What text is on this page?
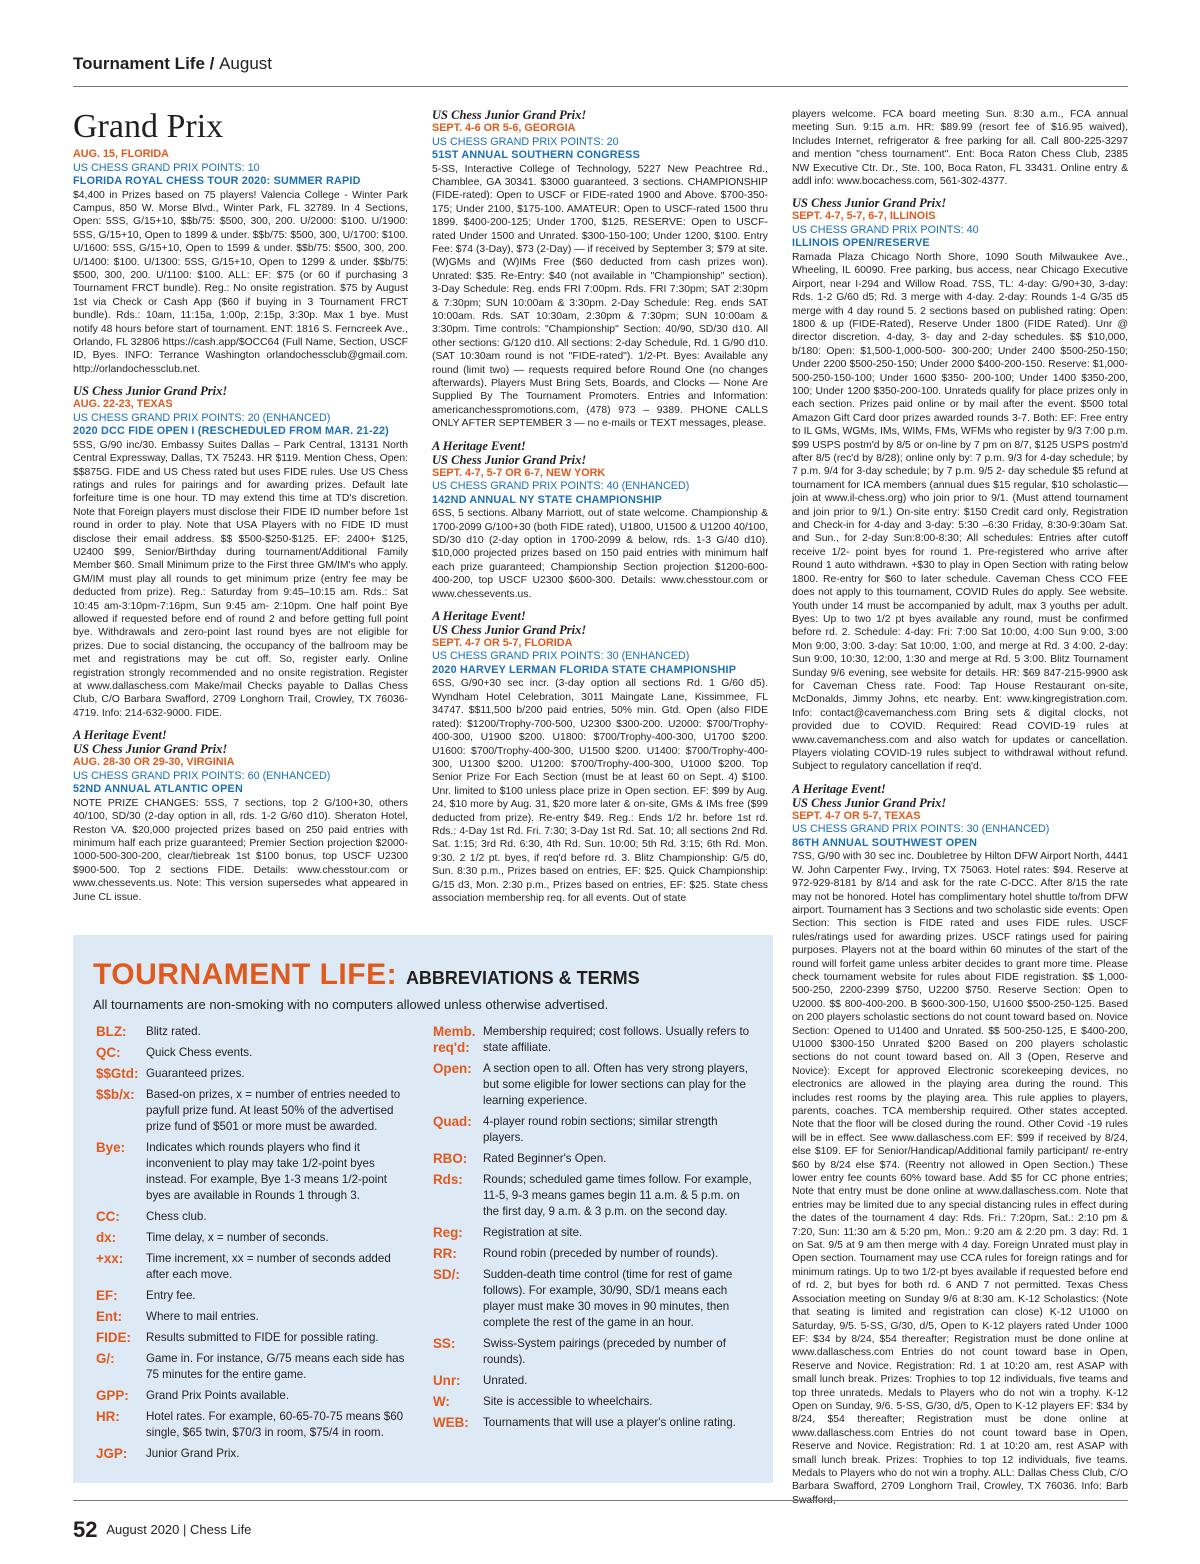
Tournament Life / August
Grand Prix
AUG. 15, FLORIDA
US CHESS GRAND PRIX POINTS: 10
FLORIDA ROYAL CHESS TOUR 2020: SUMMER RAPID
$4,400 in Prizes based on 75 players! Valencia College - Winter Park Campus, 850 W. Morse Blvd., Winter Park, FL 32789. In 4 Sections, Open: 5SS, G/15+10, $$b/75: $500, 300, 200. U/2000: $100. U/1900: 5SS, G/15+10, Open to 1899 & under. $$b/75: $500, 300, U/1700: $100. U/1600: 5SS, G/15+10, Open to 1599 & under. $$b/75: $500, 300, 200. U/1400: $100. U/1300: 5SS, G/15+10, Open to 1299 & under. $$b/75: $500, 300, 200. U/1100: $100. ALL: EF: $75 (or 60 if purchasing 3 Tournament FRCT bundle). Reg.: No onsite registration. $75 by August 1st via Check or Cash App ($60 if buying in 3 Tournament FRCT bundle). Rds.: 10am, 11:15a, 1:00p, 2:15p, 3:30p. Max 1 bye. Must notify 48 hours before start of tournament. ENT: 1816 S. Ferncreek Ave., Orlando, FL 32806 https://cash.app/$OCC64 (Full Name, Section, USCF ID, Byes. INFO: Terrance Washington orlandochessclub@gmail.com. http://orlandochessclub.net.
US Chess Junior Grand Prix!
AUG. 22-23, TEXAS
US CHESS GRAND PRIX POINTS: 20 (ENHANCED)
2020 DCC FIDE OPEN I (RESCHEDULED FROM MAR. 21-22)
5SS, G/90 inc/30. Embassy Suites Dallas – Park Central, 13131 North Central Expressway, Dallas, TX 75243. HR $119. Mention Chess, Open: $$875G. FIDE and US Chess rated but uses FIDE rules. Use US Chess ratings and rules for pairings and for awarding prizes. Default late forfeiture time is one hour. TD may extend this time at TD's discretion. Note that Foreign players must disclose their FIDE ID number before 1st round in order to play. Note that USA Players with no FIDE ID must disclose their email address. $$ $500-$250-$125. EF: 2400+ $125, U2400 $99, Senior/Birthday during tournament/Additional Family Member $60. Small Minimum prize to the First three GM/IM's who apply. GM/IM must play all rounds to get minimum prize (entry fee may be deducted from prize). Reg.: Saturday from 9:45–10:15 am. Rds.: Sat 10:45 am-3:10pm-7:16pm, Sun 9:45 am- 2:10pm. One half point Bye allowed if requested before end of round 2 and before getting full point bye. Withdrawals and zero-point last round byes are not eligible for prizes. Due to social distancing, the occupancy of the ballroom may be met and registrations may be cut off. So, register early. Online registration strongly recommended and no onsite registration. Register at www.dallaschess.com Make/mail Checks payable to Dallas Chess Club, C/O Barbara Swafford, 2709 Longhorn Trail, Crowley, TX 76036-4719. Info: 214-632-9000. FIDE.
A Heritage Event!
US Chess Junior Grand Prix!
AUG. 28-30 OR 29-30, VIRGINIA
US CHESS GRAND PRIX POINTS: 60 (ENHANCED)
52ND ANNUAL ATLANTIC OPEN
NOTE PRIZE CHANGES: 5SS, 7 sections, top 2 G/100+30, others 40/100, SD/30 (2-day option in all, rds. 1-2 G/60 d10). Sheraton Hotel, Reston VA. $20,000 projected prizes based on 250 paid entries with minimum half each prize guaranteed; Premier Section projection $2000-1000-500-300-200, clear/tiebreak 1st $100 bonus, top USCF U2300 $900-500. Top 2 sections FIDE. Details: www.chesstour.com or www.chessevents.us. Note: This version supersedes what appeared in June CL issue.
US Chess Junior Grand Prix!
SEPT. 4-6 OR 5-6, GEORGIA
US CHESS GRAND PRIX POINTS: 20
51ST ANNUAL SOUTHERN CONGRESS
5-SS, Interactive College of Technology, 5227 New Peachtree Rd., Chamblee, GA 30341. $3000 guaranteed. 3 sections. CHAMPIONSHIP (FIDE-rated): Open to USCF or FIDE-rated 1900 and Above. $700-350-175; Under 2100, $175-100. AMATEUR: Open to USCF-rated 1500 thru 1899. $400-200-125; Under 1700, $125. RESERVE: Open to USCF-rated Under 1500 and Unrated. $300-150-100; Under 1200, $100. Entry Fee: $74 (3-Day), $73 (2-Day) — if received by September 3; $79 at site. (W)GMs and (W)IMs Free ($60 deducted from cash prizes won). Unrated: $35. Re-Entry: $40 (not available in "Championship" section). 3-Day Schedule: Reg. ends FRI 7:00pm. Rds. FRI 7:30pm; SAT 2:30pm & 7:30pm; SUN 10:00am & 3:30pm. 2-Day Schedule: Reg. ends SAT 10:00am. Rds. SAT 10:30am, 2:30pm & 7:30pm; SUN 10:00am & 3:30pm. Time controls: "Championship" Section: 40/90, SD/30 d10. All other sections: G/120 d10. All sections: 2-day Schedule, Rd. 1 G/90 d10. (SAT 10:30am round is not "FIDE-rated"). 1/2-Pt. Byes: Available any round (limit two) — requests required before Round One (no changes afterwards). Players Must Bring Sets, Boards, and Clocks — None Are Supplied By The Tournament Promoters. Entries and Information: americanchesspromotions.com, (478) 973 – 9389. PHONE CALLS ONLY AFTER SEPTEMBER 3 — no e-mails or TEXT messages, please.
A Heritage Event!
US Chess Junior Grand Prix!
SEPT. 4-7, 5-7 OR 6-7, NEW YORK
US CHESS GRAND PRIX POINTS: 40 (ENHANCED)
142ND ANNUAL NY STATE CHAMPIONSHIP
6SS, 5 sections. Albany Marriott, out of state welcome. Championship & 1700-2099 G/100+30 (both FIDE rated), U1800, U1500 & U1200 40/100, SD/30 d10 (2-day option in 1700-2099 & below, rds. 1-3 G/40 d10). $10,000 projected prizes based on 150 paid entries with minimum half each prize guaranteed; Championship Section projection $1200-600-400-200, top USCF U2300 $600-300. Details: www.chesstour.com or www.chessevents.us.
A Heritage Event!
US Chess Junior Grand Prix!
SEPT. 4-7 OR 5-7, FLORIDA
US CHESS GRAND PRIX POINTS: 30 (ENHANCED)
2020 HARVEY LERMAN FLORIDA STATE CHAMPIONSHIP
6SS, G/90+30 sec incr. (3-day option all sections Rd. 1 G/60 d5). Wyndham Hotel Celebration, 3011 Maingate Lane, Kissimmee, FL 34747. $$11,500 b/200 paid entries, 50% min. Gtd. Open (also FIDE rated): $1200/Trophy-700-500, U2300 $300-200. U2000: $700/Trophy-400-300, U1900 $200. U1800: $700/Trophy-400-300, U1700 $200. U1600: $700/Trophy-400-300, U1500 $200. U1400: $700/Trophy-400-300, U1300 $200. U1200: $700/Trophy-400-300, U1000 $200. Top Senior Prize For Each Section (must be at least 60 on Sept. 4) $100. Unr. limited to $100 unless place prize in Open section. EF: $99 by Aug. 24, $10 more by Aug. 31, $20 more later & on-site, GMs & IMs free ($99 deducted from prize). Re-entry $49. Reg.: Ends 1/2 hr. before 1st rd. Rds.: 4-Day 1st Rd. Fri. 7:30; 3-Day 1st Rd. Sat. 10; all sections 2nd Rd. Sat. 1:15; 3rd Rd. 6:30, 4th Rd. Sun. 10:00; 5th Rd. 3:15; 6th Rd. Mon. 9:30. 2 1/2 pt. byes, if req'd before rd. 3. Blitz Championship: G/5 d0, Sun. 8:30 p.m., Prizes based on entries, EF: $25. Quick Championship: G/15 d3, Mon. 2:30 p.m., Prizes based on entries, EF: $25. State chess association membership req. for all events. Out of state
players welcome. FCA board meeting Sun. 8:30 a.m., FCA annual meeting Sun. 9:15 a.m. HR: $89.99 (resort fee of $16.95 waived), Includes Internet, refrigerator & free parking for all. Call 800-225-3297 and mention "chess tournament". Ent: Boca Raton Chess Club, 2385 NW Executive Ctr. Dr., Ste. 100, Boca Raton, FL 33431. Online entry & addl info: www.bocachess.com, 561-302-4377.
US Chess Junior Grand Prix!
SEPT. 4-7, 5-7, 6-7, ILLINOIS
US CHESS GRAND PRIX POINTS: 40
ILLINOIS OPEN/RESERVE
Ramada Plaza Chicago North Shore, 1090 South Milwaukee Ave., Wheeling, IL 60090. Free parking, bus access, near Chicago Executive Airport, near I-294 and Willow Road. 7SS, TL: 4-day: G/90+30, 3-day: Rds. 1-2 G/60 d5; Rd. 3 merge with 4-day. 2-day: Rounds 1-4 G/35 d5 merge with 4 day round 5. 2 sections based on published rating: Open: 1800 & up (FIDE-Rated), Reserve Under 1800 (FIDE Rated). Unr @ director discretion. 4-day, 3- day and 2-day schedules. $$ $10,000, b/180: Open: $1,500-1,000-500- 300-200; Under 2400 $500-250-150; Under 2200 $500-250-150; Under 2000 $400-200-150. Reserve: $1,000-500-250-150-100; Under 1600 $350- 200-100; Under 1400 $350-200, 100; Under 1200 $350-200-100. Unrateds qualify for place prizes only in each section. Prizes paid online or by mail after the event. $500 total Amazon Gift Card door prizes awarded rounds 3-7. Both: EF: Free entry to IL GMs, WGMs, IMs, WIMs, FMs, WFMs who register by 9/3 7:00 p.m. $99 USPS postm'd by 8/5 or on-line by 7 pm on 8/7, $125 USPS postm'd after 8/5 (rec'd by 8/28); online only by: 7 p.m. 9/3 for 4-day schedule; by 7 p.m. 9/4 for 3-day schedule; by 7 p.m. 9/5 2- day schedule $5 refund at tournament for ICA members (annual dues $15 regular, $10 scholastic—join at www.il-chess.org) who join prior to 9/1. (Must attend tournament and join prior to 9/1.) On-site entry: $150 Credit card only, Registration and Check-in for 4-day and 3-day: 5:30 –6:30 Friday, 8:30-9:30am Sat. and Sun., for 2-day Sun:8:00-8:30; All schedules: Entries after cutoff receive 1/2- point byes for round 1. Pre-registered who arrive after Round 1 auto withdrawn. +$30 to play in Open Section with rating below 1800. Re-entry for $60 to later schedule. Caveman Chess CCO FEE does not apply to this tournament, COVID Rules do apply. See website. Youth under 14 must be accompanied by adult, max 3 youths per adult. Byes: Up to two 1/2 pt byes available any round, must be confirmed before rd. 2. Schedule: 4-day: Fri: 7:00 Sat 10:00, 4:00 Sun 9:00, 3:00 Mon 9:00, 3:00. 3-day: Sat 10:00, 1:00, and merge at Rd. 3 4:00. 2-day: Sun 9:00, 10:30, 12:00, 1:30 and merge at Rd. 5 3:00. Blitz Tournament Sunday 9/6 evening, see website for details. HR: $69 847-215-9900 ask for Caveman Chess rate. Food: Tap House Restaurant on-site, McDonalds, Jimmy Johns, etc nearby. Ent: www.kingregistration.com. Info: contact@cavemanchess.com Bring sets & digital clocks, not provided due to COVID. Required: Read COVID-19 rules at www.cavemanchess.com and also watch for updates or cancellation. Players violating COVID-19 rules subject to withdrawal without refund. Subject to regulatory cancellation if req'd.
A Heritage Event!
US Chess Junior Grand Prix!
SEPT. 4-7 OR 5-7, TEXAS
US CHESS GRAND PRIX POINTS: 30 (ENHANCED)
86TH ANNUAL SOUTHWEST OPEN
7SS, G/90 with 30 sec inc. Doubletree by Hilton DFW Airport North, 4441 W. John Carpenter Fwy., Irving, TX 75063. Hotel rates: $94. Reserve at 972-929-8181 by 8/14 and ask for the rate C-DCC. After 8/15 the rate may not be honored. Hotel has complimentary hotel shuttle to/from DFW airport. Tournament has 3 Sections and two scholastic side events: Open Section: This section is FIDE rated and uses FIDE rules. USCF rules/ratings used for awarding prizes. USCF ratings used for pairing purposes. Players not at the board within 60 minutes of the start of the round will forfeit game unless arbiter decides to grant more time. Please check tournament website for rules about FIDE registration. $$ 1,000-500-250, 2200-2399 $750, U2200 $750. Reserve Section: Open to U2000. $$ 800-400-200. B $600-300-150, U1600 $500-250-125. Based on 200 players scholastic sections do not count toward based on. Novice Section: Opened to U1400 and Unrated. $$ 500-250-125, E $400-200, U1000 $300-150 Unrated $200 Based on 200 players scholastic sections do not count toward based on. All 3 (Open, Reserve and Novice): Except for approved Electronic scorekeeping devices, no electronics are allowed in the playing area during the round. This includes rest rooms by the playing area. This rule applies to players, parents, coaches. TCA membership required. Other states accepted. Note that the floor will be closed during the round. Other Covid -19 rules will be in effect. See www.dallaschess.com EF: $99 if received by 8/24, else $109. EF for Senior/Handicap/Additional family participant/ re-entry $60 by 8/24 else $74. (Reentry not allowed in Open Section.) These lower entry fee counts 60% toward base. Add $5 for CC phone entries; Note that entry must be done online at www.dallaschess.com. Note that entries may be limited due to any special distancing rules in effect during the dates of the tournament 4 day: Rds. Fri.: 7:20pm, Sat.: 2:10 pm & 7:20, Sun: 11:30 am & 5:20 pm, Mon.: 9:20 am & 2:20 pm. 3 day: Rd. 1 on Sat. 9/5 at 9 am then merge with 4 day. Foreign Unrated must play in Open section. Tournament may use CCA rules for foreign ratings and for minimum ratings. Up to two 1/2-pt byes available if requested before end of rd. 2, but byes for both rd. 6 AND 7 not permitted. Texas Chess Association meeting on Sunday 9/6 at 8:30 am. K-12 Scholastics: (Note that seating is limited and registration can close) K-12 U1000 on Saturday, 9/5. 5-SS, G/30, d/5, Open to K-12 players rated Under 1000 EF: $34 by 8/24, $54 thereafter; Registration must be done online at www.dallaschess.com Entries do not count toward base in Open, Reserve and Novice. Registration: Rd. 1 at 10:20 am, rest ASAP with small lunch break. Prizes: Trophies to top 12 individuals, five teams and top three unrateds. Medals to Players who do not win a trophy. K-12 Open on Sunday, 9/6. 5-SS, G/30, d/5, Open to K-12 players EF: $34 by 8/24, $54 thereafter; Registration must be done online at www.dallaschess.com Entries do not count toward base in Open, Reserve and Novice. Registration: Rd. 1 at 10:20 am, rest ASAP with small lunch break. Prizes: Trophies to top 12 individuals, five teams. Medals to Players who do not win a trophy. ALL: Dallas Chess Club, C/O Barbara Swafford, 2709 Longhorn Trail, Crowley, TX 76036. Info: Barb Swafford,
TOURNAMENT LIFE: ABBREVIATIONS & TERMS
All tournaments are non-smoking with no computers allowed unless otherwise advertised.
BLZ:	Blitz rated.
QC:	Quick Chess events.
$$Gtd: Guaranteed prizes.
$$b/x: Based-on prizes, x = number of entries needed to payfull prize fund. At least 50% of the advertised prize fund of $501 or more must be awarded.
Bye:	Indicates which rounds players who find it inconvenient to play may take 1/2-point byes instead. For example, Bye 1-3 means 1/2-point byes are available in Rounds 1 through 3.
CC:	Chess club.
dx:	Time delay, x = number of seconds.
+xx:	Time increment, xx = number of seconds added after each move.
EF:	Entry fee.
Ent:	Where to mail entries.
FIDE:	Results submitted to FIDE for possible rating.
G/:	Game in. For instance, G/75 means each side has 75 minutes for the entire game.
GPP:	Grand Prix Points available.
HR:	Hotel rates. For example, 60-65-70-75 means $60 single, $65 twin, $70/3 in room, $75/4 in room.
JGP:	Junior Grand Prix.
Memb. req'd:
Membership required; cost follows. Usually refers to state affiliate.
Open: A section open to all. Often has very strong players, but some eligible for lower sections can play for the learning experience.
Quad: 4-player round robin sections; similar strength players.
RBO:	Rated Beginner's Open.
Rds:	Rounds; scheduled game times follow. For example, 11-5, 9-3 means games begin 11 a.m. & 5 p.m. on the first day, 9 a.m. & 3 p.m. on the second day.
Reg:	Registration at site.
RR:	Round robin (preceded by number of rounds).
SD/:	Sudden-death time control (time for rest of game follows). For example, 30/90, SD/1 means each player must make 30 moves in 90 minutes, then complete the rest of the game in an hour.
SS:	Swiss-System pairings (preceded by number of rounds).
Unr:	Unrated.
W:	Site is accessible to wheelchairs.
WEB:	Tournaments that will use a player's online rating.
52 August 2020 | Chess Life
